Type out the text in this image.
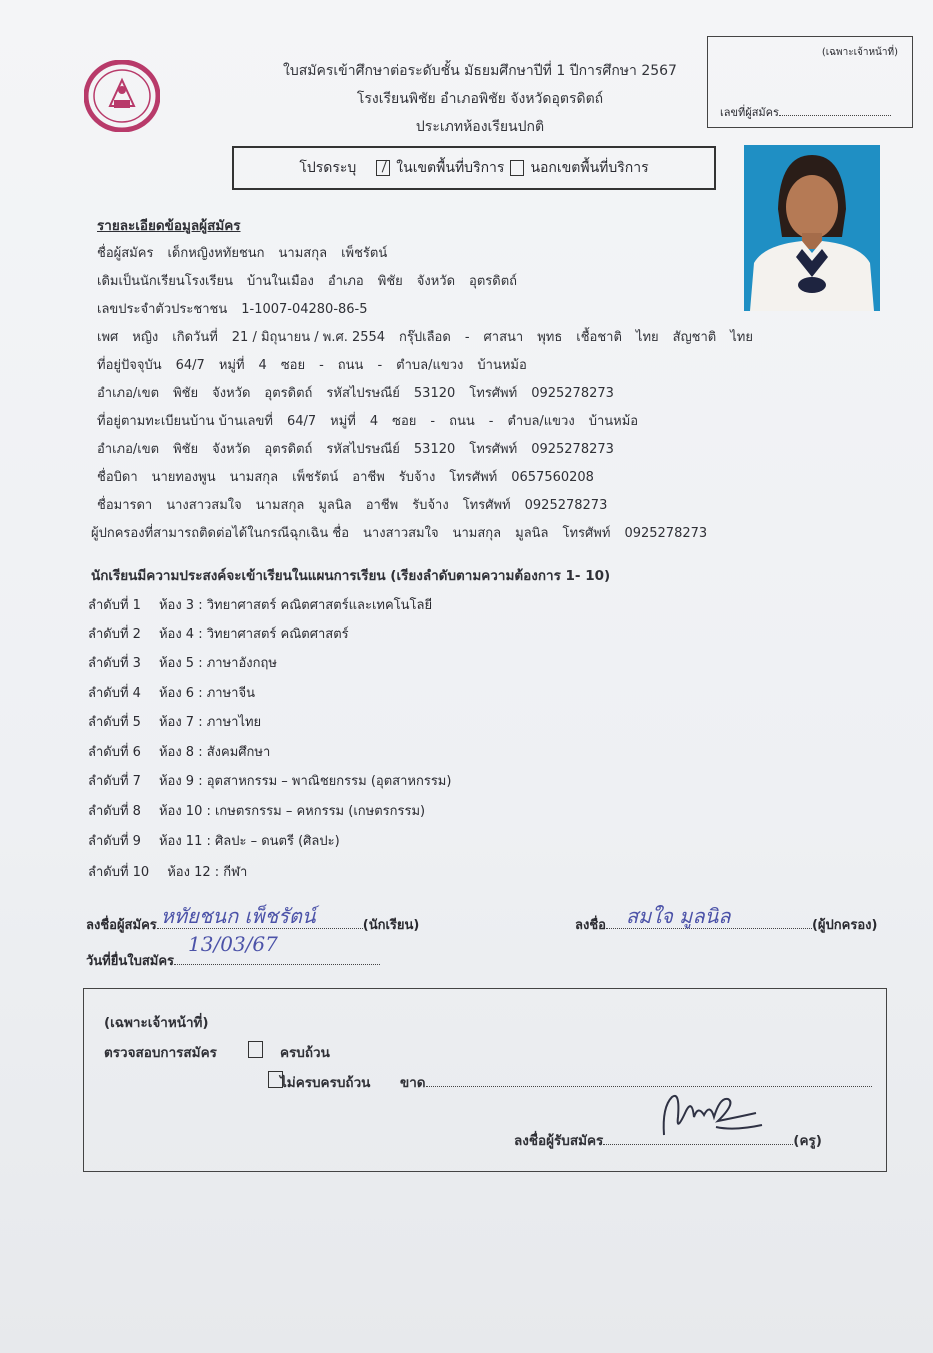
ใบสมัครเข้าศึกษาต่อระดับชั้น มัธยมศึกษาปีที่ 1 ปีการศึกษา 2567
โรงเรียนพิชัย อำเภอพิชัย จังหวัดอุตรดิตถ์
ประเภทห้องเรียนปกติ
(เฉพาะเจ้าหน้าที่)
เลขที่ผู้สมัคร
โปรดระบุ	ในเขตพื้นที่บริการ นอกเขตพื้นที่บริการ
รายละเอียดข้อมูลผู้สมัคร
ชื่อผู้สมัคร เด็กหญิงหทัยชนก นามสกุล เพ็ชรัตน์
เดิมเป็นนักเรียนโรงเรียน บ้านในเมือง อำเภอ พิชัย จังหวัด อุตรดิตถ์
เลขประจำตัวประชาชน 1-1007-04280-86-5
เพศ หญิง เกิดวันที่ 21 / มิถุนายน / พ.ศ. 2554 กรุ๊ปเลือด - ศาสนา พุทธ เชื้อชาติ ไทย สัญชาติ ไทย
ที่อยู่ปัจจุบัน 64/7 หมู่ที่ 4 ซอย - ถนน - ตำบล/แขวง บ้านหม้อ
อำเภอ/เขต พิชัย จังหวัด อุตรดิตถ์ รหัสไปรษณีย์ 53120 โทรศัพท์ 0925278273
ที่อยู่ตามทะเบียนบ้าน บ้านเลขที่ 64/7 หมู่ที่ 4 ซอย - ถนน - ตำบล/แขวง บ้านหม้อ
อำเภอ/เขต พิชัย จังหวัด อุตรดิตถ์ รหัสไปรษณีย์ 53120 โทรศัพท์ 0925278273
ชื่อบิดา นายทองพูน นามสกุล เพ็ชรัตน์ อาชีพ รับจ้าง โทรศัพท์ 0657560208
ชื่อมารดา นางสาวสมใจ นามสกุล มูลนิล อาชีพ รับจ้าง โทรศัพท์ 0925278273
ผู้ปกครองที่สามารถติดต่อได้ในกรณีฉุกเฉิน ชื่อ นางสาวสมใจ นามสกุล มูลนิล โทรศัพท์ 0925278273
นักเรียนมีความประสงค์จะเข้าเรียนในแผนการเรียน (เรียงลำดับตามความต้องการ 1- 10)
ลำดับที่ 1 ห้อง 3 : วิทยาศาสตร์ คณิตศาสตร์และเทคโนโลยี
ลำดับที่ 2 ห้อง 4 : วิทยาศาสตร์ คณิตศาสตร์
ลำดับที่ 3 ห้อง 5 : ภาษาอังกฤษ
ลำดับที่ 4 ห้อง 6 : ภาษาจีน
ลำดับที่ 5 ห้อง 7 : ภาษาไทย
ลำดับที่ 6 ห้อง 8 : สังคมศึกษา
ลำดับที่ 7 ห้อง 9 : อุตสาหกรรม – พาณิชยกรรม (อุตสาหกรรม)
ลำดับที่ 8 ห้อง 10 : เกษตรกรรม – คหกรรม (เกษตรกรรม)
ลำดับที่ 9 ห้อง 11 : ศิลปะ – ดนตรี (ศิลปะ)
ลำดับที่ 10 ห้อง 12 : กีฬา
ลงชื่อผู้สมัคร หทัยชนก เพ็ชรัตน์	(นักเรียน)
วันที่ยื่นใบสมัคร
13/03/67
ลงชื่อ สมใจ มูลนิล	(ผู้ปกครอง)
(เฉพาะเจ้าหน้าที่)
ตรวจสอบการสมัคร
	ครบถ้วน
ไม่ครบครบถ้วน ขาด
ลงชื่อผู้รับสมัคร	(ครู)
